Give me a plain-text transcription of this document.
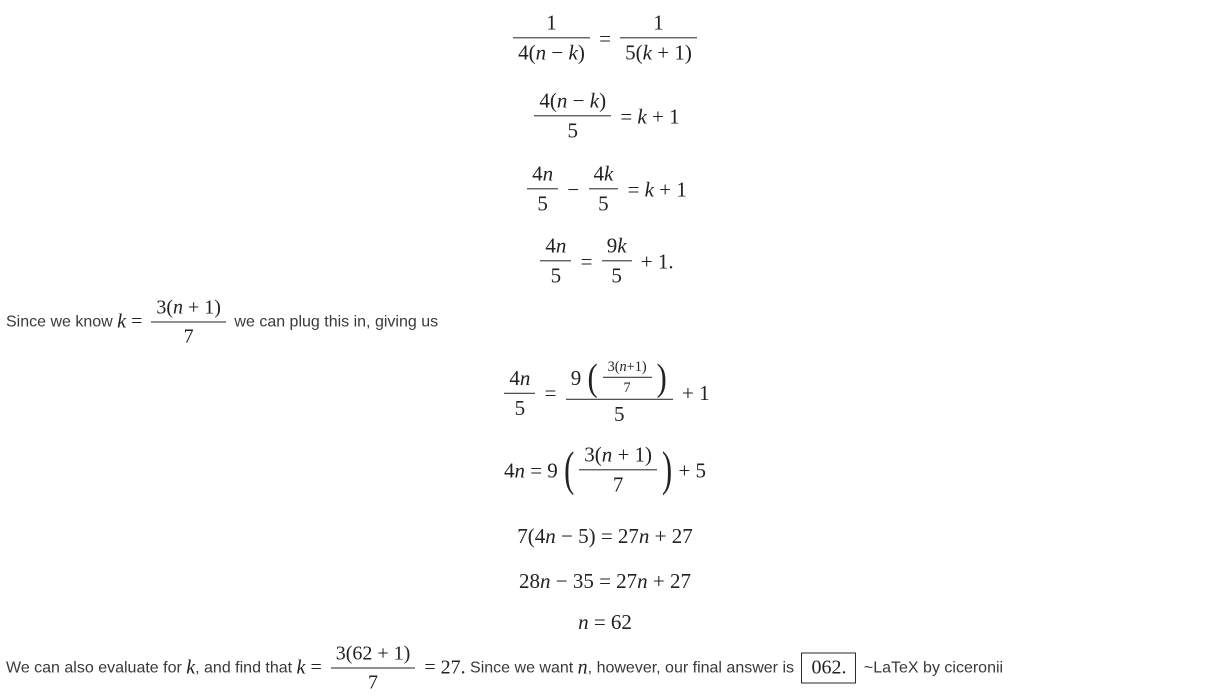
$\frac{1}{4(n - k)} = \frac{1}{5(k + 1)}$
$\frac{4(n - k)}{5} = k + 1$
$\frac{4n}{5} - \frac{4k}{5} = k + 1$
$\frac{4n}{5} = \frac{9k}{5} + 1$.
Since we know $k = \frac{3(n + 1)}{7}$ we can plug this in, giving us
$\frac{4n}{5} = \frac{9 ( \frac{3(n+1)}{7} )}{5} + 1$
4n = 9 ( $\frac{3(n + 1)}{7}$ ) + 5
7(4n − 5) = 27n + 27
28n − 35 = 27n + 27
n = 62
We can also evaluate for k , and find that $k = \frac{3(62 + 1)}{7} = 27$. Since we want n , however, our final answer is 062. ~LaTeX by ciceronii
